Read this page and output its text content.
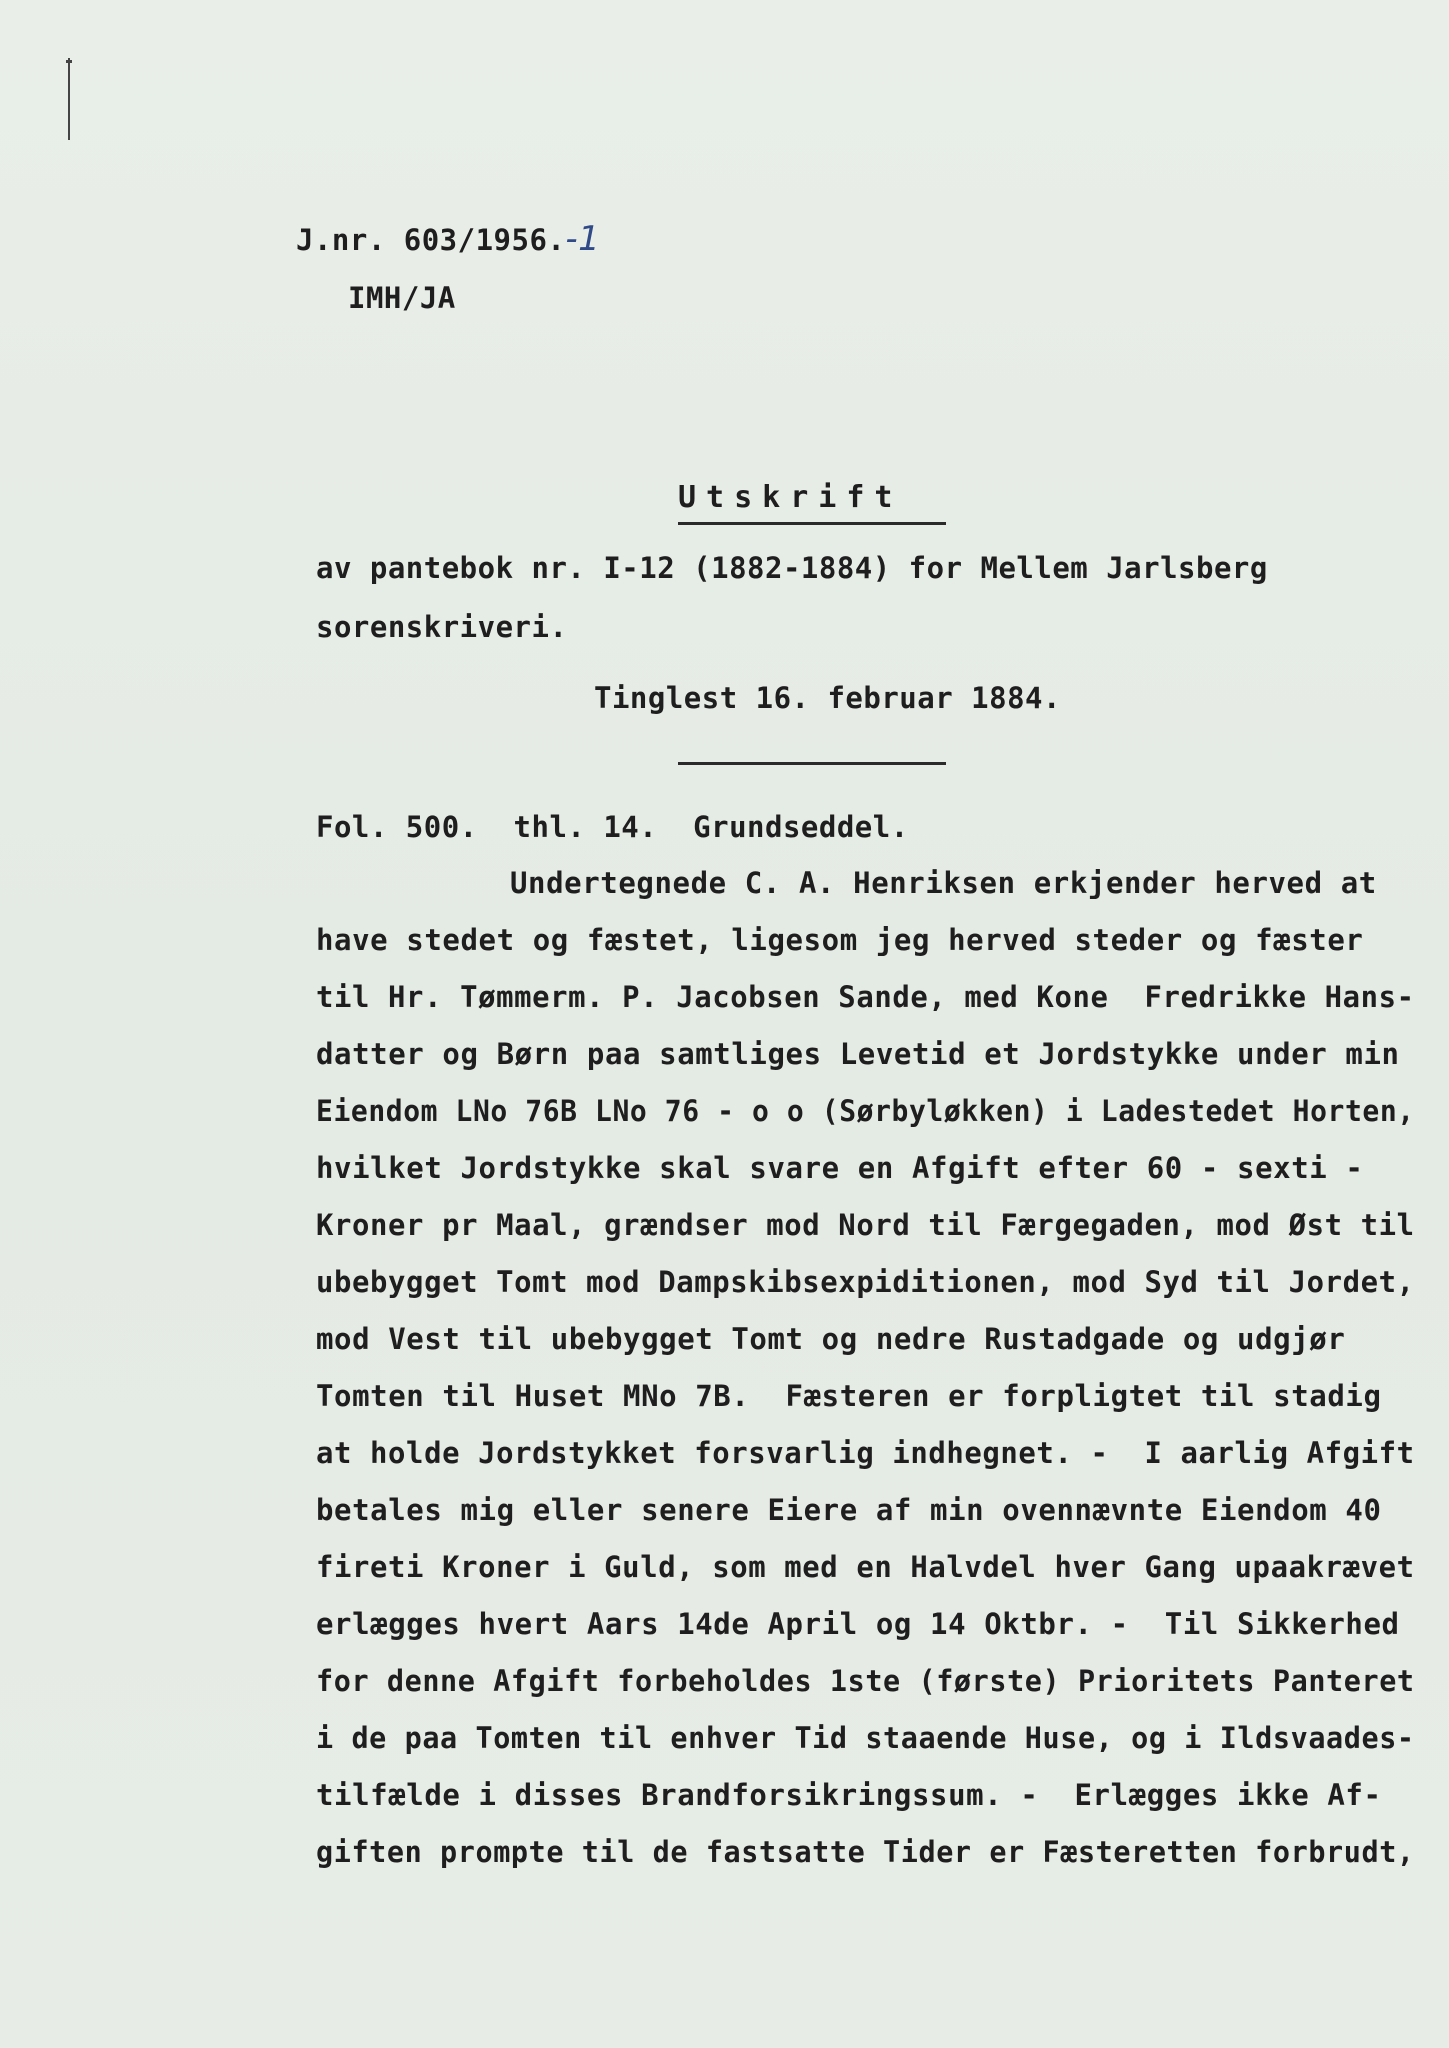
J.nr. 603/1956.-1
IMH/JA
Utskrift
av pantebok nr. I-12 (1882-1884) for Mellem Jarlsberg
sorenskriveri.
Tinglest 16. februar 1884.
Fol. 500.  thl. 14.  Grundseddel.
Undertegnede C. A. Henriksen erkjender herved at
have stedet og fæstet, ligesom jeg herved steder og fæster
til Hr. Tømmerm. P. Jacobsen Sande, med Kone  Fredrikke Hans-
datter og Børn paa samtliges Levetid et Jordstykke under min
Eiendom LNo 76B LNo 76 - o o (Sørbyløkken) i Ladestedet Horten,
hvilket Jordstykke skal svare en Afgift efter 60 - sexti -
Kroner pr Maal, grændser mod Nord til Færgegaden, mod Øst til
ubebygget Tomt mod Dampskibsexpiditionen, mod Syd til Jordet,
mod Vest til ubebygget Tomt og nedre Rustadgade og udgjør
Tomten til Huset MNo 7B.  Fæsteren er forpligtet til stadig
at holde Jordstykket forsvarlig indhegnet. -  I aarlig Afgift
betales mig eller senere Eiere af min ovennævnte Eiendom 40
fireti Kroner i Guld, som med en Halvdel hver Gang upaakrævet
erlægges hvert Aars 14de April og 14 Oktbr. -  Til Sikkerhed
for denne Afgift forbeholdes 1ste (første) Prioritets Panteret
i de paa Tomten til enhver Tid staaende Huse, og i Ildsvaades-
tilfælde i disses Brandforsikringssum. -  Erlægges ikke Af-
giften prompte til de fastsatte Tider er Fæsteretten forbrudt,
